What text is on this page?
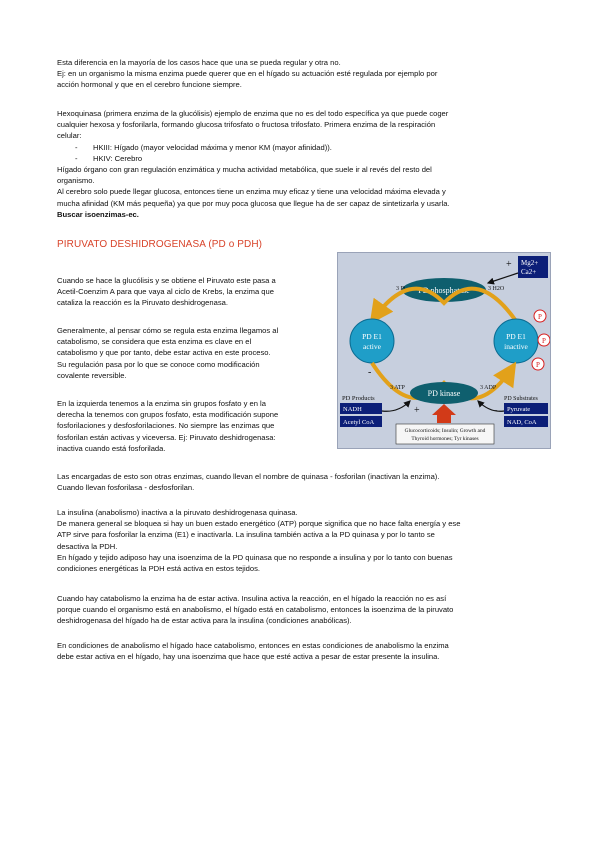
Esta diferencia en la mayoría de los casos hace que una se pueda regular y otra no.

Ej: en un organismo la misma enzima puede querer que en el hígado su actuación esté regulada por ejemplo por

acción hormonal y que en el cerebro funcione siempre.

Hexoquinasa (primera enzima de la glucólisis) ejemplo de enzima que no es del todo específica ya que puede coger

cualquier hexosa y fosforilarla, formando glucosa trifosfato o fructosa trifosfato. Primera enzima de la respiración

celular:

- HKIII: Hígado (mayor velocidad máxima y menor KM (mayor afinidad)).

- HKIV: Cerebro

Hígado órgano con gran regulación enzimática y mucha actividad metabólica, que suele ir al revés del resto del

organismo.

Al cerebro solo puede llegar glucosa, entonces tiene un enzima muy eficaz y tiene una velocidad máxima elevada y

mucha afinidad (KM más pequeña) ya que por muy poca glucosa que llegue ha de ser capaz de sintetizarla y usarla.

Buscar isoenzimas-ec.

PIRUVATO DESHIDROGENASA (PD o PDH)

Cuando se hace la glucólisis y se obtiene el Piruvato este pasa a

Acetil-Coenzim A para que vaya al ciclo de Krebs, la enzima que

cataliza la reacción es la Piruvato deshidrogenasa.

Generalmente, al pensar cómo se regula esta enzima llegamos al

catabolismo, se considera que esta enzima es clave en el

catabolismo y que por tanto, debe estar activa en este proceso.

Su regulación pasa por lo que se conoce como modificación

covalente reversible.

En la izquierda tenemos a la enzima sin grupos fosfato y en la

derecha la tenemos con grupos fosfato, esta modificación supone

fosforilaciones y desfosforilaciones. No siempre las enzimas que

fosforilan están activas y viceversa. Ej: Piruvato deshidrogenasa:

inactiva cuando está fosforilada.

Mg2+
Ca2+
+
PD phosphatase
3 Pi	3 H2O
PD E1
active
PD E1
inactive
P
P
P
PD kinase
3 ATP	3 ADP
-
+	-
PD Products
NADH
Acetyl CoA
PD Substrates
Pyruvate
NAD, CoA
Glucocorticoids; Insulin; Growth and
Thyroid hormones; Tyr kinases

Las encargadas de esto son otras enzimas, cuando llevan el nombre de quinasa - fosforilan (inactivan la enzima).

Cuando llevan fosforilasa - desfosforilan.

La insulina (anabolismo) inactiva a la piruvato deshidrogenasa quinasa.

De manera general se bloquea si hay un buen estado energético (ATP) porque significa que no hace falta energía y ese

ATP sirve para fosforilar la enzima (E1) e inactivarla. La insulina también activa a la PD quinasa y por lo tanto se

desactiva la PDH.

En hígado y tejido adiposo hay una isoenzima de la PD quinasa que no responde a insulina y por lo tanto con buenas

condiciones energéticas la PDH está activa en estos tejidos.

Cuando hay catabolismo la enzima ha de estar activa. Insulina activa la reacción, en el hígado la reacción no es así

porque cuando el organismo está en anabolismo, el hígado está en catabolismo, entonces la isoenzima de la piruvato

deshidrogenasa del hígado ha de estar activa para la insulina (condiciones anabólicas).

En condiciones de anabolismo el hígado hace catabolismo, entonces en estas condiciones de anabolismo la enzima

debe estar activa en el hígado, hay una isoenzima que hace que esté activa a pesar de estar presente la insulina.
